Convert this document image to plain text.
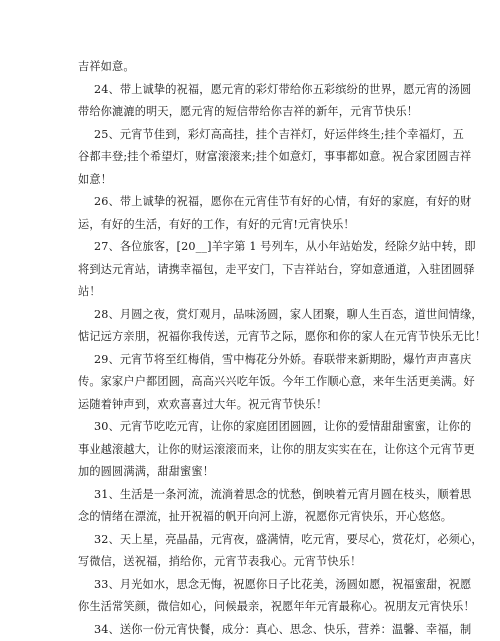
吉祥如意。
24、带上诚挚的祝福，愿元宵的彩灯带给你五彩缤纷的世界，愿元宵的汤圆
带给你漉漉的明天，愿元宵的短信带给你吉祥的新年，元宵节快乐！
25、元宵节佳到，彩灯高高挂，挂个吉祥灯，好运伴终生;挂个幸福灯，五
谷都丰登;挂个希望灯，财富滚滚来;挂个如意灯，事事都如意。祝合家团圆吉祥
如意！
26、带上诚挚的祝福，愿你在元宵佳节有好的心情，有好的家庭，有好的财
运，有好的生活，有好的工作，有好的元宵!元宵快乐！
27、各位旅客，[20__]羊字第 1 号列车，从小年站始发，经除夕站中转，即
将到达元宵站，请携幸福包，走平安门，下吉祥站台，穿如意通道，入驻团圆驿
站！
28、月圆之夜，赏灯观月，品味汤圆，家人团聚，聊人生百态，道世间情缘，
惦记远方亲朋，祝福你我传送，元宵节之际，愿你和你的家人在元宵节快乐无比！
29、元宵节将至红梅俏，雪中梅花分外娇。春联带来新期盼，爆竹声声喜庆
传。家家户户都团圆，高高兴兴吃年饭。今年工作顺心意，来年生活更美满。好
运随着钟声到，欢欢喜喜过大年。祝元宵节快乐！
30、元宵节吃吃元宵，让你的家庭团团圆圆，让你的爱情甜甜蜜蜜，让你的
事业越滚越大，让你的财运滚滚而来，让你的朋友实实在在，让你这个元宵节更
加的圆圆满满，甜甜蜜蜜！
31、生活是一条河流，流淌着思念的忧愁，倒映着元宵月圆在枝头，顺着思
念的情绪在漂流，扯开祝福的帆开向河上游，祝愿你元宵快乐，开心悠悠。
32、天上星，亮晶晶，元宵夜，盛满情，吃元宵，要尽心，赏花灯，必须心，
写微信，送祝福，捎给你，元宵节表我心。元宵节快乐！
33、月光如水，思念无悔，祝愿你日子比花美，汤圆如愿，祝福蜜甜，祝愿
你生活常笑颜，微信如心，问候最亲，祝愿年年元宵最称心。祝朋友元宵快乐！
34、送你一份元宵快餐，成分：真心、思念、快乐，营养：温馨、幸福，制
